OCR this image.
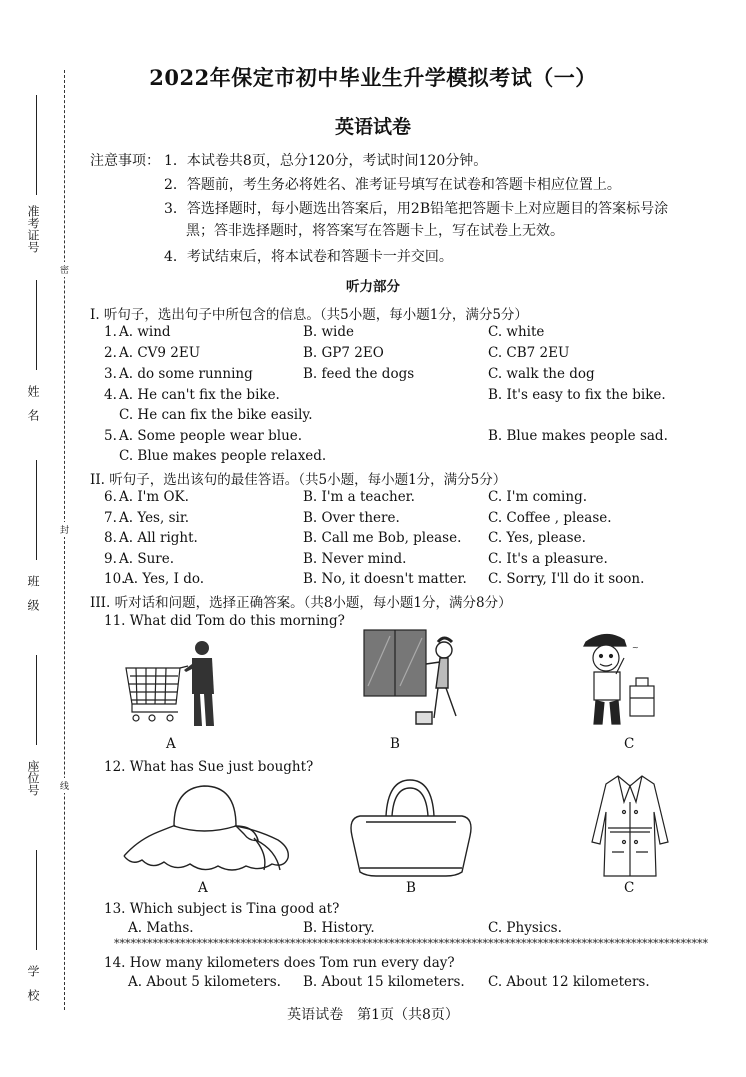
密
封
线
准考证号
姓　名
班　级
座位号
学　校
2022年保定市初中毕业生升学模拟考试（一）
英语试卷
注意事项： 1．本试卷共8页，总分120分，考试时间120分钟。
2．答题前，考生务必将姓名、准考证号填写在试卷和答题卡相应位置上。
3．答选择题时，每小题选出答案后，用2B铅笔把答题卡上对应题目的答案标号涂
黑；答非选择题时，将答案写在答题卡上，写在试卷上无效。
4．考试结束后，将本试卷和答题卡一并交回。
听力部分
I. 听句子，选出句子中所包含的信息。（共5小题，每小题1分，满分5分）
1. A. wind	B. wide	C. white
2. A. CV9 2EU	B. GP7 2EO	C. CB7 2EU
3. A. do some running	B. feed the dogs	C. walk the dog
4. A. He can't fix the bike.	B. It's easy to fix the bike.
C. He can fix the bike easily.
5. A. Some people wear blue.	B. Blue makes people sad.
C. Blue makes people relaxed.
II. 听句子，选出该句的最佳答语。（共5小题，每小题1分，满分5分）
6. A. I'm OK.	B. I'm a teacher.	C. I'm coming.
7. A. Yes, sir.	B. Over there.	C. Coffee , please.
8. A. All right.	B. Call me Bob, please. C. Yes, please.
9. A. Sure.	B. Never mind.	C. It's a pleasure.
10.
A. Yes, I do.	B. No, it doesn't matter. C. Sorry, I'll do it soon.
III. 听对话和问题，选择正确答案。（共8小题，每小题1分，满分8分）
11. What did Tom do this morning?
A	B
~
C
12. What has Sue just bought?
A	B	C
13. Which subject is Tina good at?
A. Maths.	B. History.	C. Physics.
************************************************************************************************************
14. How many kilometers does Tom run every day?
A. About 5 kilometers. B. About 15 kilometers. C. About 12 kilometers.
英语试卷　第1页（共8页）
